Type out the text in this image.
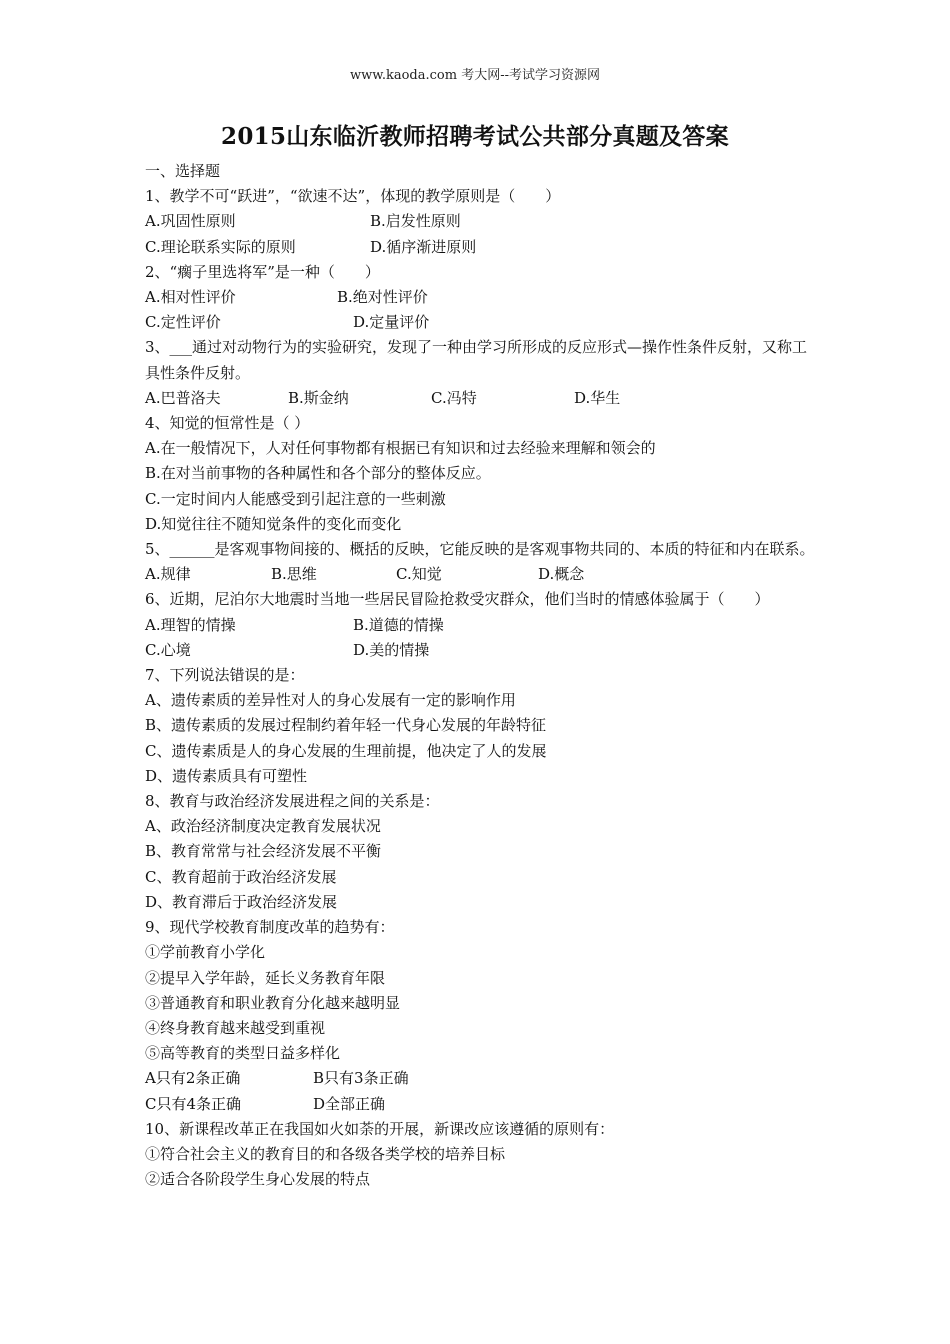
www.kaoda.com 考大网--考试学习资源网
2015山东临沂教师招聘考试公共部分真题及答案
一、选择题
1、教学不可“跃进”，“欲速不达”，体现的教学原则是（　　）
A.巩固性原则	B.启发性原则
C.理论联系实际的原则	D.循序渐进原则
2、“瘸子里选将军”是一种（　　）
A.相对性评价	B.绝对性评价
C.定性评价	D.定量评价
3、___通过对动物行为的实验研究，发现了一种由学习所形成的反应形式—操作性条件反射，又称工具性条件反射。
A.巴普洛夫	B.斯金纳	C.冯特	D.华生
4、知觉的恒常性是（ ）
A.在一般情况下，人对任何事物都有根据已有知识和过去经验来理解和领会的
B.在对当前事物的各种属性和各个部分的整体反应。
C.一定时间内人能感受到引起注意的一些刺激
D.知觉往往不随知觉条件的变化而变化
5、______是客观事物间接的、概括的反映，它能反映的是客观事物共同的、本质的特征和内在联系。
A.规律	B.思维	C.知觉	D.概念
6、近期，尼泊尔大地震时当地一些居民冒险抢救受灾群众，他们当时的情感体验属于（　　）
A.理智的情操	B.道德的情操
C.心境	D.美的情操
7、下列说法错误的是：
A、遗传素质的差异性对人的身心发展有一定的影响作用
B、遗传素质的发展过程制约着年轻一代身心发展的年龄特征
C、遗传素质是人的身心发展的生理前提，他决定了人的发展
D、遗传素质具有可塑性
8、教育与政治经济发展进程之间的关系是：
A、政治经济制度决定教育发展状况
B、教育常常与社会经济发展不平衡
C、教育超前于政治经济发展
D、教育滞后于政治经济发展
9、现代学校教育制度改革的趋势有：
①学前教育小学化
②提早入学年龄，延长义务教育年限
③普通教育和职业教育分化越来越明显
④终身教育越来越受到重视
⑤高等教育的类型日益多样化
A只有2条正确	B只有3条正确
C只有4条正确	D全部正确
10、新课程改革正在我国如火如荼的开展，新课改应该遵循的原则有：
①符合社会主义的教育目的和各级各类学校的培养目标
②适合各阶段学生身心发展的特点
